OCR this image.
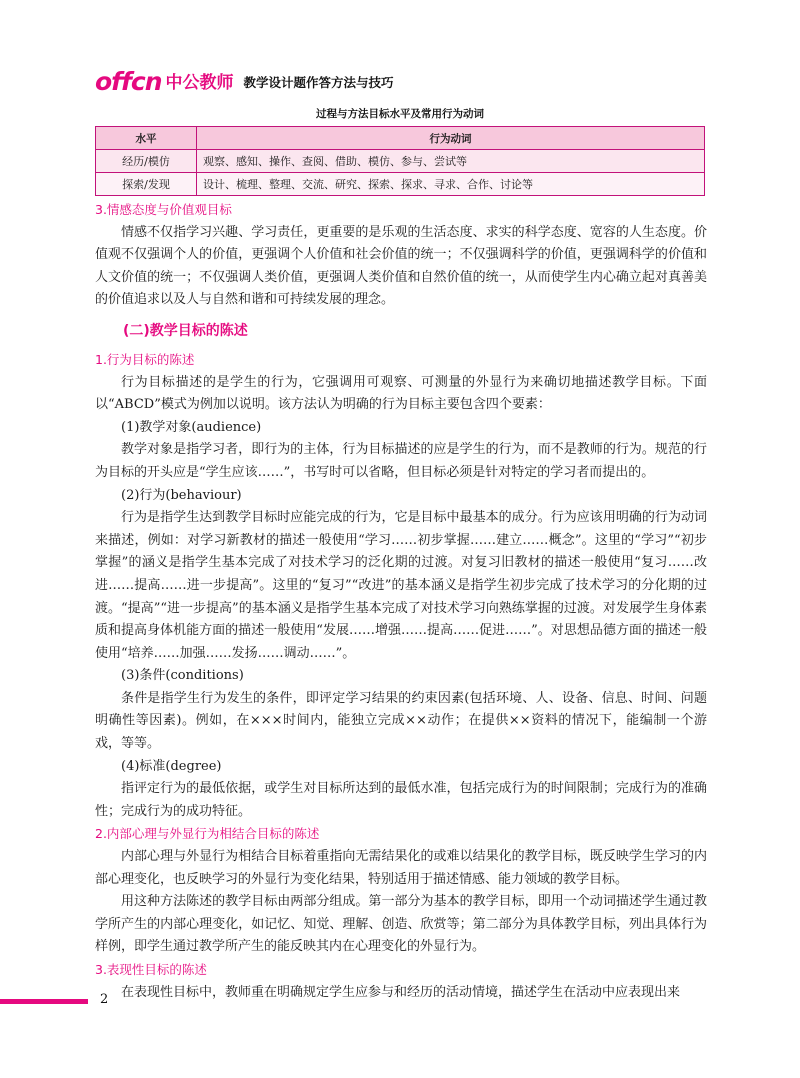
offcn 中公教师 教学设计题作答方法与技巧
过程与方法目标水平及常用行为动词
水平	行为动词
经历/模仿	观察、感知、操作、查阅、借助、模仿、参与、尝试等
探索/发现	设计、梳理、整理、交流、研究、探索、探求、寻求、合作、讨论等

3.情感态度与价值观目标

情感不仅指学习兴趣、学习责任，更重要的是乐观的生活态度、求实的科学态度、宽容的人生态度。价值观不仅强调个人的价值，更强调个人价值和社会价值的统一；不仅强调科学的价值，更强调科学的价值和人文价值的统一；不仅强调人类价值，更强调人类价值和自然价值的统一，从而使学生内心确立起对真善美的价值追求以及人与自然和谐和可持续发展的理念。

(二)教学目标的陈述

1.行为目标的陈述

行为目标描述的是学生的行为，它强调用可观察、可测量的外显行为来确切地描述教学目标。下面以“ABCD”模式为例加以说明。该方法认为明确的行为目标主要包含四个要素：

(1)教学对象(audience)

教学对象是指学习者，即行为的主体，行为目标描述的应是学生的行为，而不是教师的行为。规范的行为目标的开头应是“学生应该……”，书写时可以省略，但目标必须是针对特定的学习者而提出的。

(2)行为(behaviour)

行为是指学生达到教学目标时应能完成的行为，它是目标中最基本的成分。行为应该用明确的行为动词来描述，例如：对学习新教材的描述一般使用“学习……初步掌握……建立……概念”。这里的“学习”“初步掌握”的涵义是指学生基本完成了对技术学习的泛化期的过渡。对复习旧教材的描述一般使用“复习……改进……提高……进一步提高”。这里的“复习”“改进”的基本涵义是指学生初步完成了技术学习的分化期的过渡。“提高”“进一步提高”的基本涵义是指学生基本完成了对技术学习向熟练掌握的过渡。对发展学生身体素质和提高身体机能方面的描述一般使用“发展……增强……提高……促进……”。对思想品德方面的描述一般使用“培养……加强……发扬……调动……”。

(3)条件(conditions)

条件是指学生行为发生的条件，即评定学习结果的约束因素(包括环境、人、设备、信息、时间、问题明确性等因素)。例如，在×××时间内，能独立完成××动作；在提供××资料的情况下，能编制一个游戏，等等。

(4)标准(degree)

指评定行为的最低依据，或学生对目标所达到的最低水准，包括完成行为的时间限制；完成行为的准确性；完成行为的成功特征。

2.内部心理与外显行为相结合目标的陈述

内部心理与外显行为相结合目标着重指向无需结果化的或难以结果化的教学目标，既反映学生学习的内部心理变化，也反映学习的外显行为变化结果，特别适用于描述情感、能力领域的教学目标。

用这种方法陈述的教学目标由两部分组成。第一部分为基本的教学目标，即用一个动词描述学生通过教学所产生的内部心理变化，如记忆、知觉、理解、创造、欣赏等；第二部分为具体教学目标，列出具体行为样例，即学生通过教学所产生的能反映其内在心理变化的外显行为。

3.表现性目标的陈述

在表现性目标中，教师重在明确规定学生应参与和经历的活动情境，描述学生在活动中应表现出来

2
